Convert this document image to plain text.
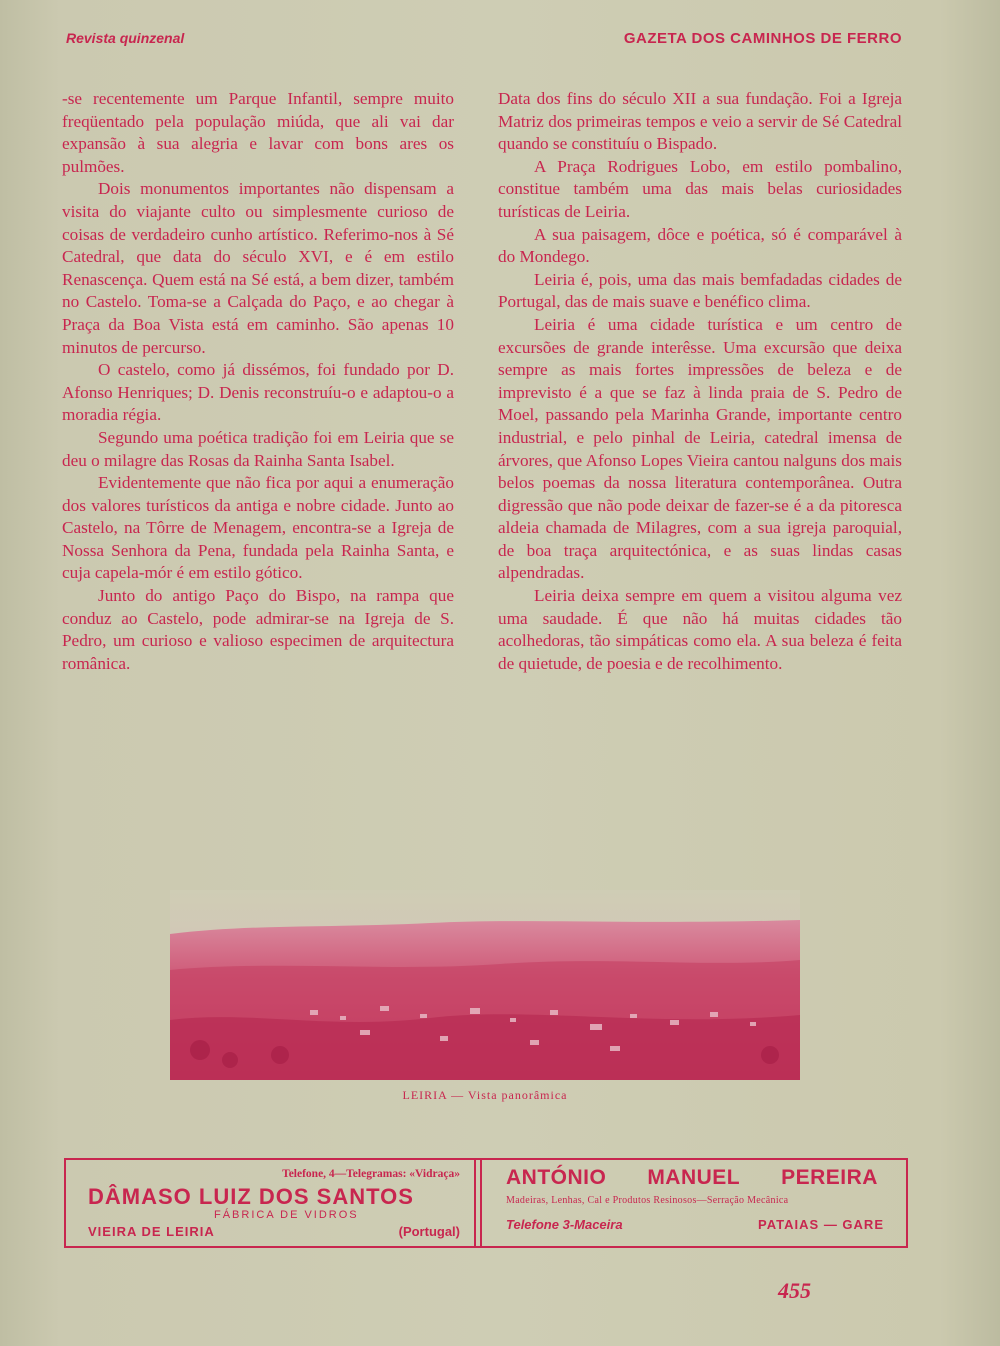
Revista quinzenal	GAZETA DOS CAMINHOS DE FERRO

-se recentemente um Parque Infantil, sempre muito freqüentado pela população miúda, que ali vai dar expansão à sua alegria e lavar com bons ares os pulmões.

Dois monumentos importantes não dispensam a visita do viajante culto ou simplesmente curioso de coisas de verdadeiro cunho artístico. Referimo-nos à Sé Catedral, que data do século XVI, e é em estilo Renascença. Quem está na Sé está, a bem dizer, também no Castelo. Toma-se a Calçada do Paço, e ao chegar à Praça da Boa Vista está em caminho. São apenas 10 minutos de percurso.

O castelo, como já dissémos, foi fundado por D. Afonso Henriques; D. Denis reconstruíu-o e adaptou-o a moradia régia.

Segundo uma poética tradição foi em Leiria que se deu o milagre das Rosas da Rainha Santa Isabel.

Evidentemente que não fica por aqui a enumeração dos valores turísticos da antiga e nobre cidade. Junto ao Castelo, na Tôrre de Menagem, encontra-se a Igreja de Nossa Senhora da Pena, fundada pela Rainha Santa, e cuja capela-mór é em estilo gótico.

Junto do antigo Paço do Bispo, na rampa que conduz ao Castelo, pode admirar-se na Igreja de S. Pedro, um curioso e valioso especimen de arquitectura românica.

Data dos fins do século XII a sua fundação. Foi a Igreja Matriz dos primeiras tempos e veio a servir de Sé Catedral quando se constituíu o Bispado.

A Praça Rodrigues Lobo, em estilo pombalino, constitue também uma das mais belas curiosidades turísticas de Leiria.

A sua paisagem, dôce e poética, só é comparável à do Mondego.

Leiria é, pois, uma das mais bemfadadas cidades de Portugal, das de mais suave e benéfico clima.

Leiria é uma cidade turística e um centro de excursões de grande interêsse. Uma excursão que deixa sempre as mais fortes impressões de beleza e de imprevisto é a que se faz à linda praia de S. Pedro de Moel, passando pela Marinha Grande, importante centro industrial, e pelo pinhal de Leiria, catedral imensa de árvores, que Afonso Lopes Vieira cantou nalguns dos mais belos poemas da nossa literatura contemporânea. Outra digressão que não pode deixar de fazer-se é a da pitoresca aldeia chamada de Milagres, com a sua igreja paroquial, de boa traça arquitectónica, e as suas lindas casas alpendradas.

Leiria deixa sempre em quem a visitou alguma vez uma saudade. É que não há muitas cidades tão acolhedoras, tão simpáticas como ela. A sua beleza é feita de quietude, de poesia e de recolhimento.

LEIRIA — Vista panorâmica
Telefone, 4—Telegramas: «Vidraça»
DÂMASO LUIZ DOS SANTOS
FÁBRICA DE VIDROS
VIEIRA DE LEIRIA	(Portugal)
ANTÓNIO MANUEL PEREIRA
Madeiras, Lenhas, Cal e Produtos Resinosos—Serração Mecânica
Telefone 3-Maceira	PATAIAS — GARE
455
